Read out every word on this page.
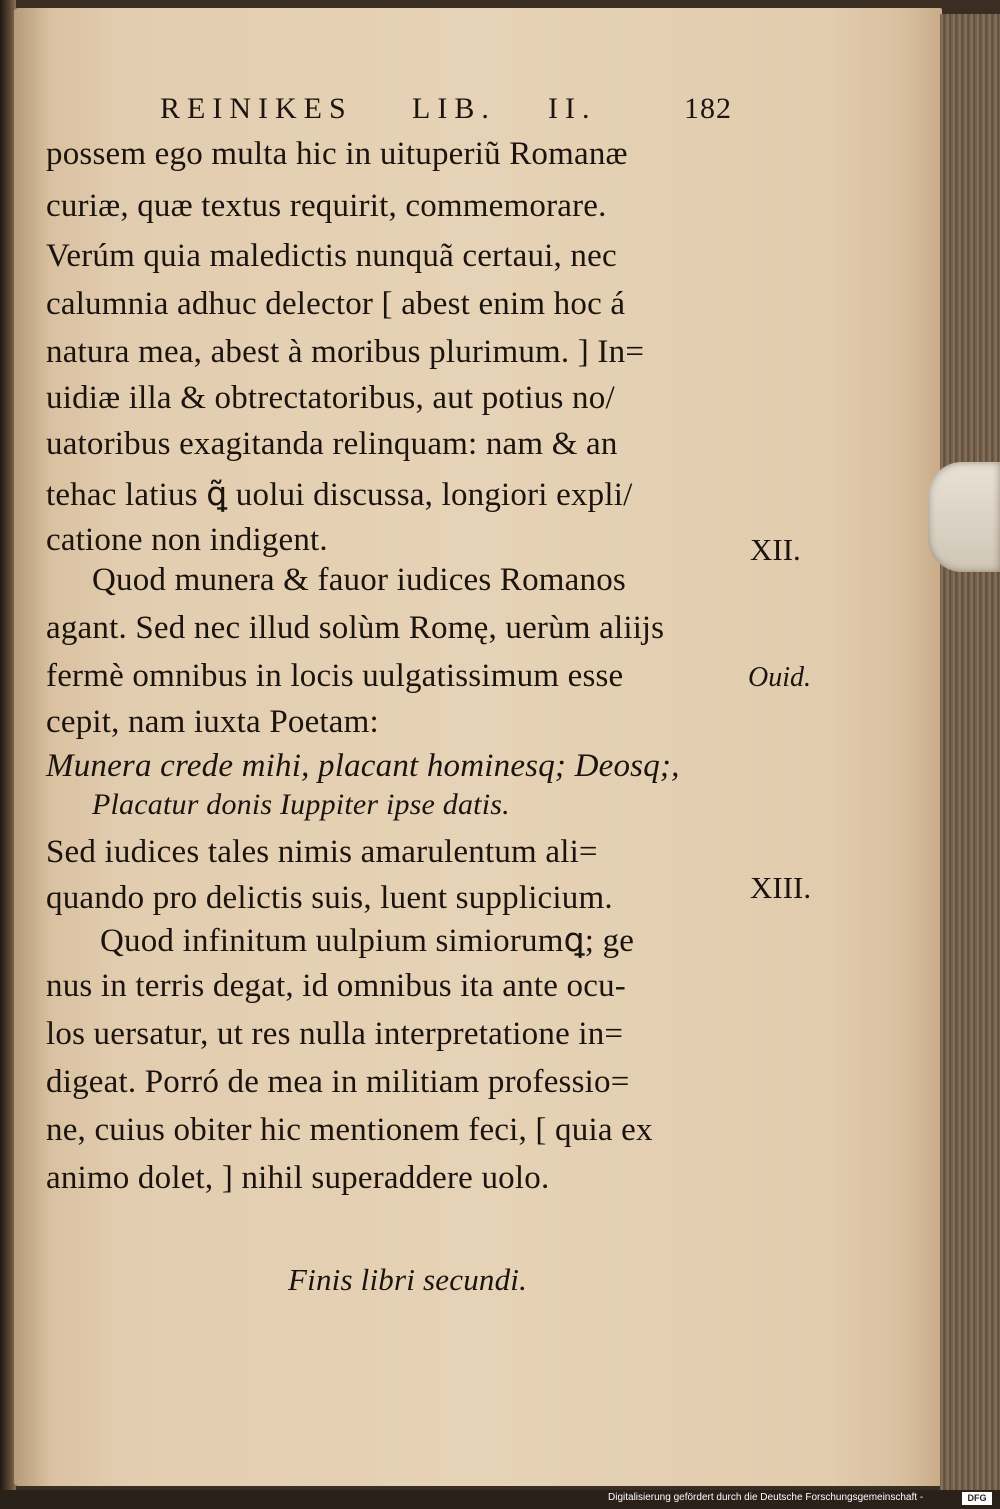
REINIKES LIB. II.	182
possem ego multa hic in uituperiũ Romanæ
curiæ, quæ textus requirit, commemorare.
Verúm quia maledictis nunquã certaui, nec
calumnia adhuc delector [ abest enim hoc á
natura mea, abest à moribus plurimum. ] In=
uidiæ illa & obtrectatoribus, aut potius no/
uatoribus exagitanda relinquam: nam & an
tehac latius ꝗ̃ uolui discussa, longiori expli/
catione non indigent.
Quod munera & fauor iudices Romanos
agant. Sed nec illud solùm Romę, uerùm aliĳs
fermè omnibus in locis uulgatissimum esse
cepit, nam iuxta Poetam:
Munera crede mihi, placant hominesq; Deosq;,
Placatur donis Iuppiter ipse datis.
Sed iudices tales nimis amarulentum ali=
quando pro delictis suis, luent supplicium.
Quod infinitum uulpium simiorumꝗ; ge
nus in terris degat, id omnibus ita ante ocu-
los uersatur, ut res nulla interpretatione in=
digeat. Porró de mea in militiam professio=
ne, cuius obiter hic mentionem feci, [ quia ex
animo dolet, ] nihil superaddere uolo.
Finis libri secundi.
XII.
Ouid.
XIII.
Digitalisierung gefördert durch die Deutsche Forschungsgemeinschaft -	DFG
